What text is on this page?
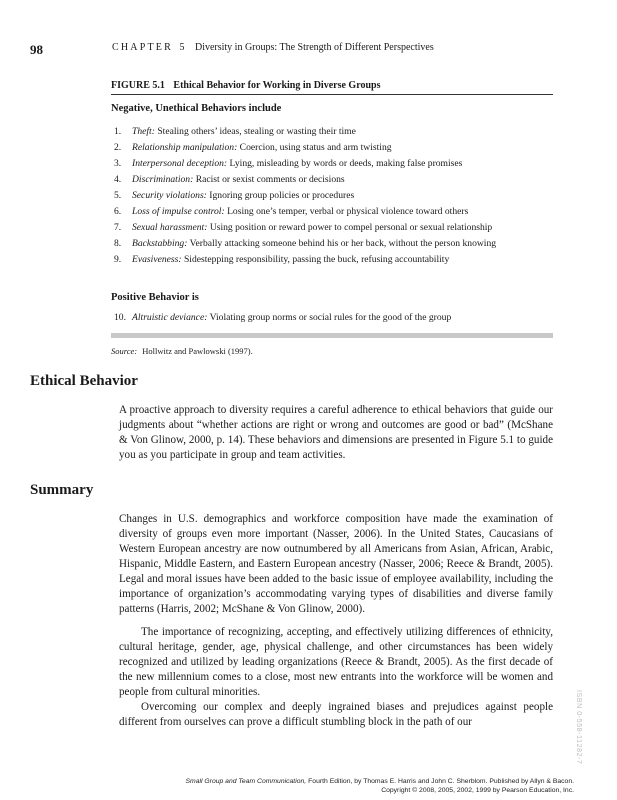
98	CHAPTER 5 Diversity in Groups: The Strength of Different Perspectives
FIGURE 5.1 Ethical Behavior for Working in Diverse Groups
Negative, Unethical Behaviors include
1. Theft: Stealing others’ ideas, stealing or wasting their time
2. Relationship manipulation: Coercion, using status and arm twisting
3. Interpersonal deception: Lying, misleading by words or deeds, making false promises
4. Discrimination: Racist or sexist comments or decisions
5. Security violations: Ignoring group policies or procedures
6. Loss of impulse control: Losing one’s temper, verbal or physical violence toward others
7. Sexual harassment: Using position or reward power to compel personal or sexual relationship
8. Backstabbing: Verbally attacking someone behind his or her back, without the person knowing
9. Evasiveness: Sidestepping responsibility, passing the buck, refusing accountability
Positive Behavior is
10. Altruistic deviance: Violating group norms or social rules for the good of the group
Source: Hollwitz and Pawlowski (1997).
Ethical Behavior

A proactive approach to diversity requires a careful adherence to ethical behaviors that guide our judgments about “whether actions are right or wrong and outcomes are good or bad” (McShane & Von Glinow, 2000, p. 14). These behaviors and dimensions are presented in Figure 5.1 to guide you as you participate in group and team activities.

Summary

Changes in U.S. demographics and workforce composition have made the examination of diversity of groups even more important (Nasser, 2006). In the United States, Caucasians of Western European ancestry are now outnumbered by all Americans from Asian, African, Arabic, Hispanic, Middle Eastern, and Eastern European ancestry (Nasser, 2006; Reece & Brandt, 2005). Legal and moral issues have been added to the basic issue of employee availability, including the importance of organization’s accommodating varying types of disabilities and diverse family patterns (Harris, 2002; McShane & Von Glinow, 2000).

The importance of recognizing, accepting, and effectively utilizing differences of ethnicity, cultural heritage, gender, age, physical challenge, and other circumstances has been widely recognized and utilized by leading organizations (Reece & Brandt, 2005). As the first decade of the new millennium comes to a close, most new entrants into the workforce will be women and people from cultural minorities.

Overcoming our complex and deeply ingrained biases and prejudices against people different from ourselves can prove a difficult stumbling block in the path of our	ISBN 0-558-11282-7
Small Group and Team Communication, Fourth Edition, by Thomas E. Harris and John C. Sherblom. Published by Allyn & Bacon.
Copyright © 2008, 2005, 2002, 1999 by Pearson Education, Inc.
